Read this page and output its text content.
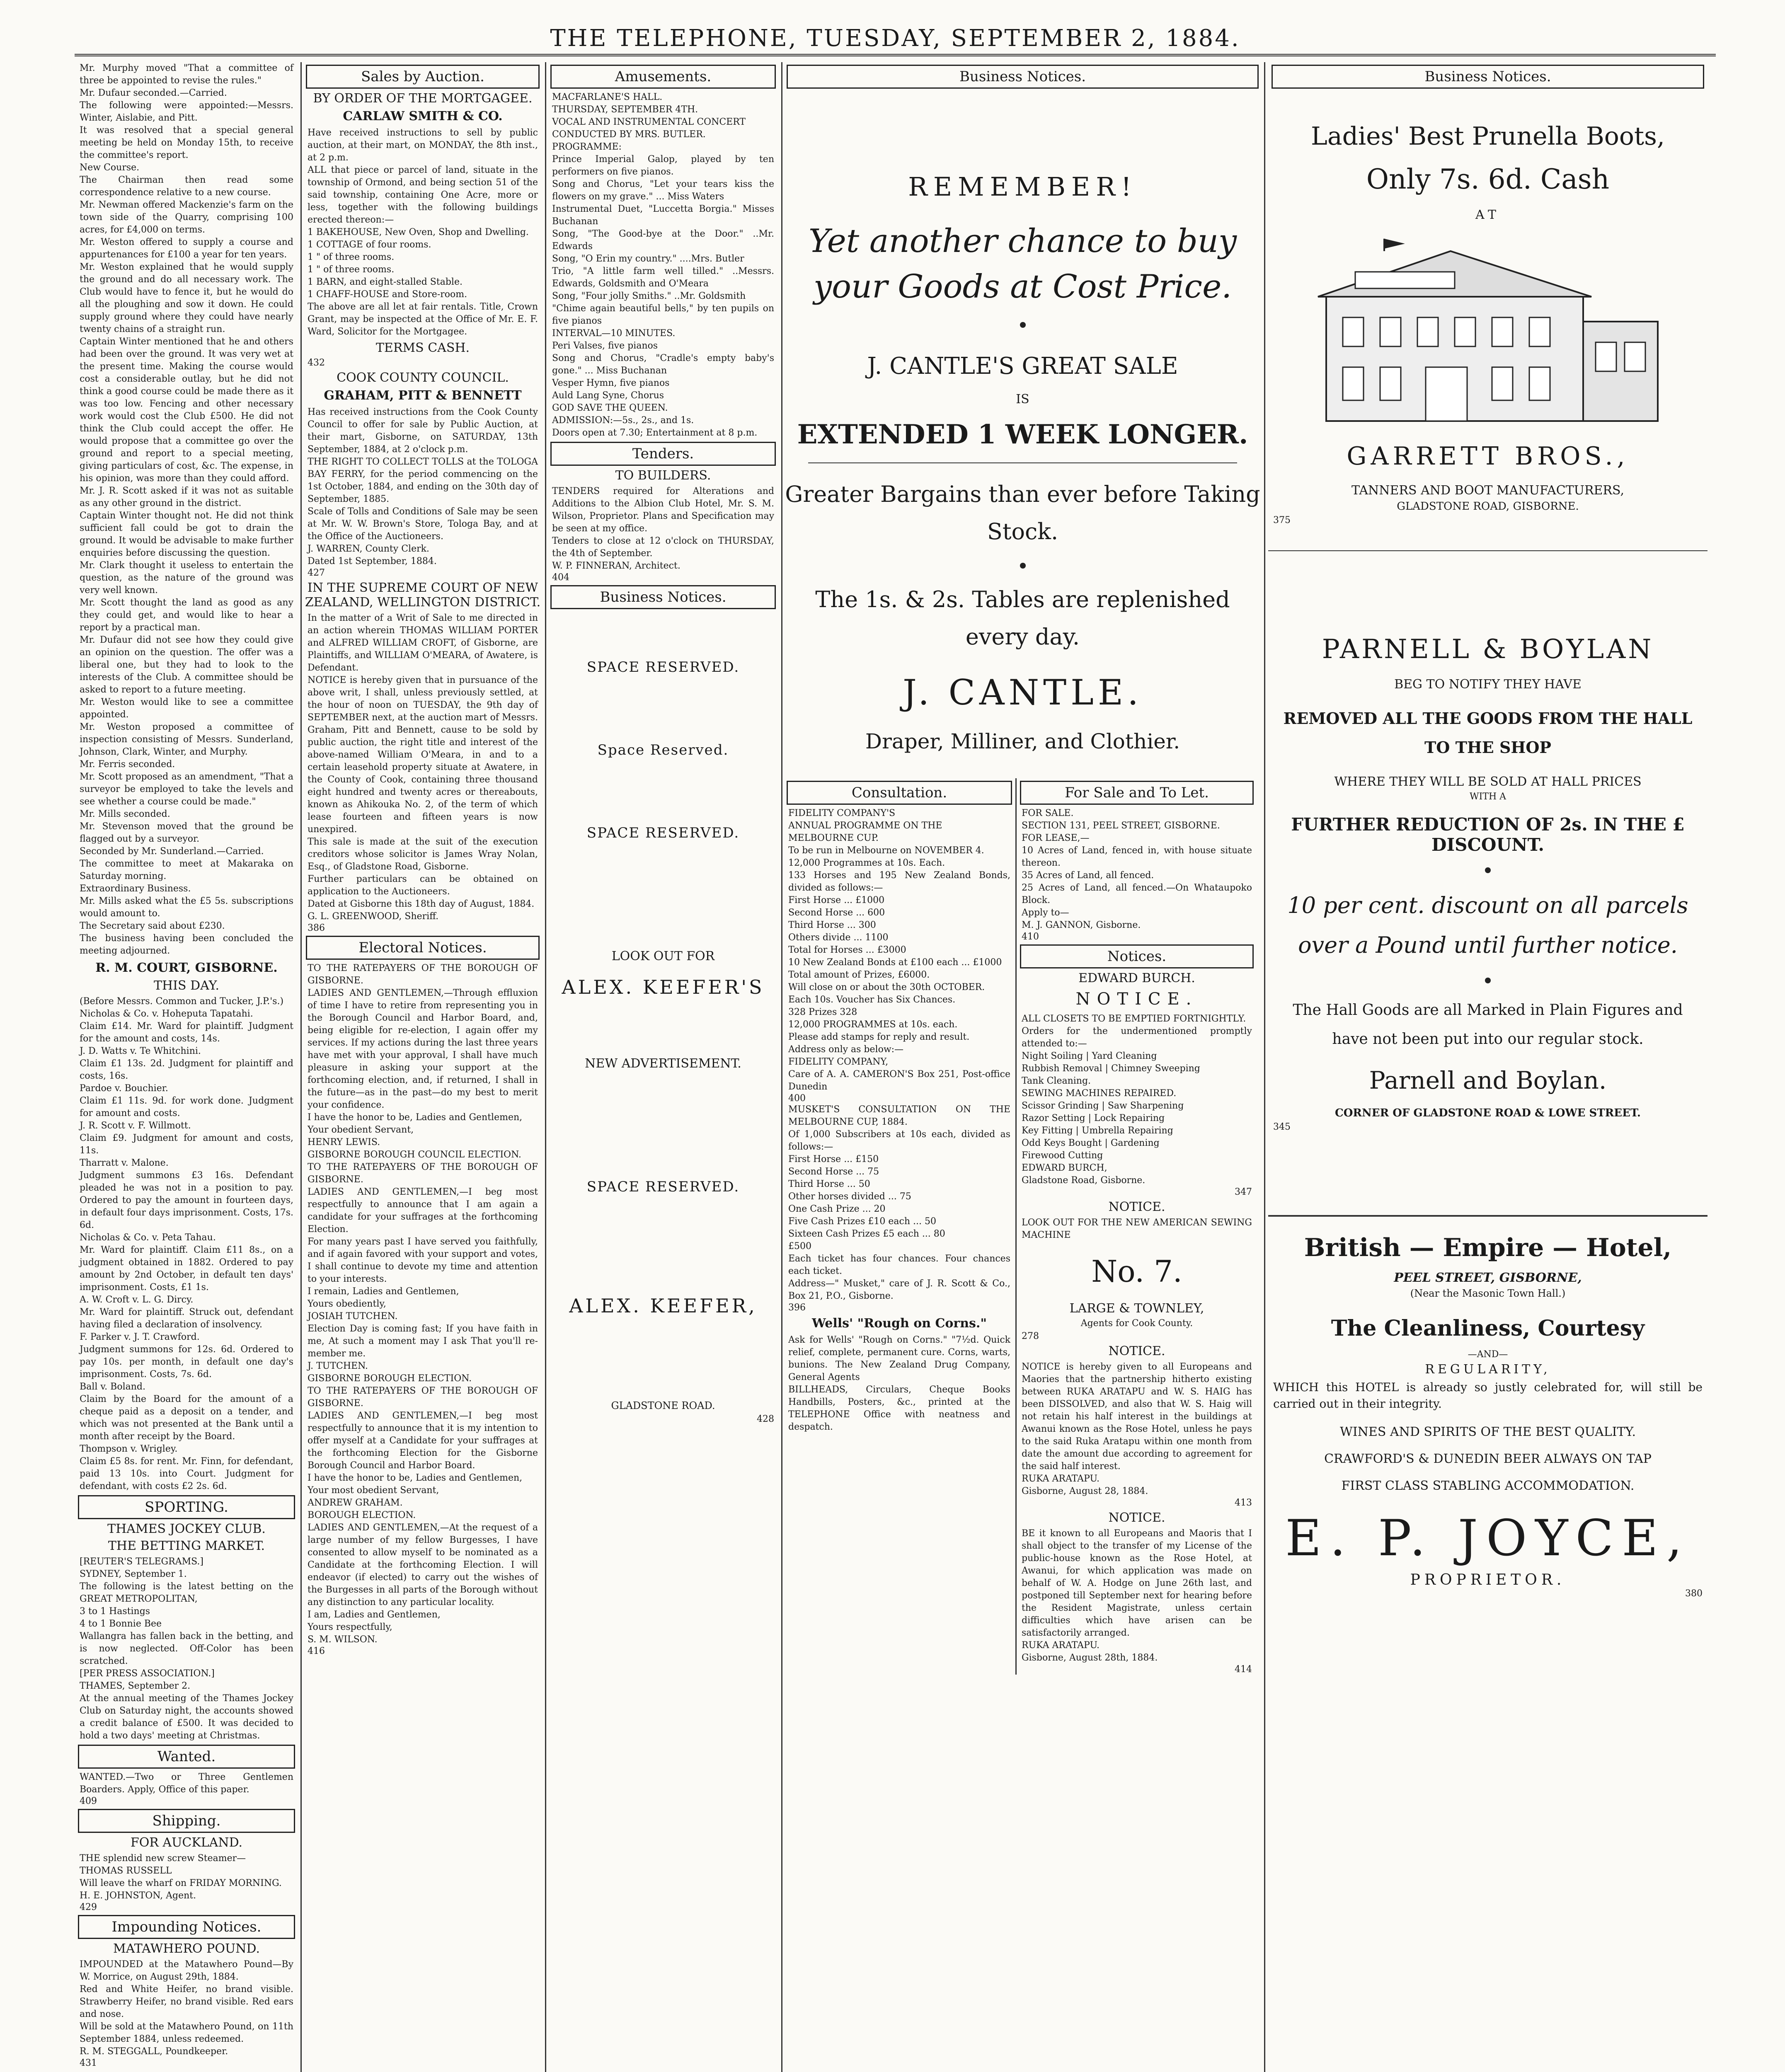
THE TELEPHONE, TUESDAY, SEPTEMBER 2, 1884.
Mr. Murphy moved "That a committee of three be appointed to revise the rules."
Mr. Dufaur seconded.—Carried.
The following were appointed:—Messrs. Winter, Aislabie, and Pitt.
It was resolved that a special general meeting be held on Monday 15th, to receive the committee's report.
New Course.
The Chairman then read some correspondence relative to a new course.
Mr. Newman offered Mackenzie's farm on the town side of the Quarry, comprising 100 acres, for £4,000 on terms.
Mr. Weston offered to supply a course and appurtenances for £100 a year for ten years.
Mr. Weston explained that he would supply the ground and do all necessary work. The Club would have to fence it, but he would do all the ploughing and sow it down. He could supply ground where they could have nearly twenty chains of a straight run.
Captain Winter mentioned that he and others had been over the ground. It was very wet at the present time. Making the course would cost a considerable outlay, but he did not think a good course could be made there as it was too low. Fencing and other necessary work would cost the Club £500. He did not think the Club could accept the offer. He would propose that a committee go over the ground and report to a special meeting, giving particulars of cost, &c. The expense, in his opinion, was more than they could afford.
Mr. J. R. Scott asked if it was not as suitable as any other ground in the district.
Captain Winter thought not. He did not think sufficient fall could be got to drain the ground. It would be advisable to make further enquiries before discussing the question.
Mr. Clark thought it useless to entertain the question, as the nature of the ground was very well known.
Mr. Scott thought the land as good as any they could get, and would like to hear a report by a practical man.
Mr. Dufaur did not see how they could give an opinion on the question. The offer was a liberal one, but they had to look to the interests of the Club. A committee should be asked to report to a future meeting.
Mr. Weston would like to see a committee appointed.
Mr. Weston proposed a committee of inspection consisting of Messrs. Sunderland, Johnson, Clark, Winter, and Murphy.
Mr. Ferris seconded.
Mr. Scott proposed as an amendment, "That a surveyor be employed to take the levels and see whether a course could be made."
Mr. Mills seconded.
Mr. Stevenson moved that the ground be flagged out by a surveyor.
Seconded by Mr. Sunderland.—Carried.
The committee to meet at Makaraka on Saturday morning.
Extraordinary Business.
Mr. Mills asked what the £5 5s. subscriptions would amount to.
The Secretary said about £230.
The business having been concluded the meeting adjourned.
R. M. COURT, GISBORNE.
THIS DAY.
(Before Messrs. Common and Tucker, J.P.'s.)
Nicholas & Co. v. Hoheputa Tapatahi.
Claim £14. Mr. Ward for plaintiff. Judgment for the amount and costs, 14s.
J. D. Watts v. Te Whitchini.
Claim £1 13s. 2d. Judgment for plaintiff and costs, 16s.
Pardoe v. Bouchier.
Claim £1 11s. 9d. for work done. Judgment for amount and costs.
J. R. Scott v. F. Willmott.
Claim £9. Judgment for amount and costs, 11s.
Tharratt v. Malone.
Judgment summons £3 16s. Defendant pleaded he was not in a position to pay. Ordered to pay the amount in fourteen days, in default four days imprisonment. Costs, 17s. 6d.
Nicholas & Co. v. Peta Tahau.
Mr. Ward for plaintiff. Claim £11 8s., on a judgment obtained in 1882. Ordered to pay amount by 2nd October, in default ten days' imprisonment. Costs, £1 1s.
A. W. Croft v. L. G. Dircy.
Mr. Ward for plaintiff. Struck out, defendant having filed a declaration of insolvency.
F. Parker v. J. T. Crawford.
Judgment summons for 12s. 6d. Ordered to pay 10s. per month, in default one day's imprisonment. Costs, 7s. 6d.
Ball v. Boland.
Claim by the Board for the amount of a cheque paid as a deposit on a tender, and which was not presented at the Bank until a month after receipt by the Board.
Thompson v. Wrigley.
Claim £5 8s. for rent. Mr. Finn, for defendant, paid 13 10s. into Court. Judgment for defendant, with costs £2 2s. 6d.
SPORTING.
THAMES JOCKEY CLUB.
THE BETTING MARKET.
[REUTER'S TELEGRAMS.]
SYDNEY, September 1.
The following is the latest betting on the GREAT METROPOLITAN,
3 to 1 Hastings
4 to 1 Bonnie Bee
Wallangra has fallen back in the betting, and is now neglected. Off-Color has been scratched.
[PER PRESS ASSOCIATION.]
THAMES, September 2.
At the annual meeting of the Thames Jockey Club on Saturday night, the accounts showed a credit balance of £500. It was decided to hold a two days' meeting at Christmas.
Wanted.
WANTED.—Two or Three Gentlemen Boarders. Apply, Office of this paper.
409
Shipping.
FOR AUCKLAND.
THE splendid new screw Steamer—
THOMAS RUSSELL
Will leave the wharf on FRIDAY MORNING.
H. E. JOHNSTON, Agent.
429
Impounding Notices.
MATAWHERO POUND.
IMPOUNDED at the Matawhero Pound—By W. Morrice, on August 29th, 1884.
Red and White Heifer, no brand visible. Strawberry Heifer, no brand visible. Red ears and nose.
Will be sold at the Matawhero Pound, on 11th September 1884, unless redeemed.
R. M. STEGGALL, Poundkeeper.
431
Sales by Auction.
BY ORDER OF THE MORTGAGEE.
CARLAW SMITH & CO.
Have received instructions to sell by public auction, at their mart, on MONDAY, the 8th inst., at 2 p.m.
ALL that piece or parcel of land, situate in the township of Ormond, and being section 51 of the said township, containing One Acre, more or less, together with the following buildings erected thereon:—
1 BAKEHOUSE, New Oven, Shop and Dwelling.
1 COTTAGE of four rooms.
1 " of three rooms.
1 " of three rooms.
1 BARN, and eight-stalled Stable.
1 CHAFF-HOUSE and Store-room.
The above are all let at fair rentals. Title, Crown Grant, may be inspected at the Office of Mr. E. F. Ward, Solicitor for the Mortgagee.
TERMS CASH.
432
COOK COUNTY COUNCIL.
GRAHAM, PITT & BENNETT
Has received instructions from the Cook County Council to offer for sale by Public Auction, at their mart, Gisborne, on SATURDAY, 13th September, 1884, at 2 o'clock p.m.
THE RIGHT TO COLLECT TOLLS at the TOLOGA BAY FERRY, for the period commencing on the 1st October, 1884, and ending on the 30th day of September, 1885.
Scale of Tolls and Conditions of Sale may be seen at Mr. W. W. Brown's Store, Tologa Bay, and at the Office of the Auctioneers.
J. WARREN, County Clerk.
Dated 1st September, 1884.
427
IN THE SUPREME COURT OF NEW ZEALAND, WELLINGTON DISTRICT.
In the matter of a Writ of Sale to me directed in an action wherein THOMAS WILLIAM PORTER and ALFRED WILLIAM CROFT, of Gisborne, are Plaintiffs, and WILLIAM O'MEARA, of Awatere, is Defendant.
NOTICE is hereby given that in pursuance of the above writ, I shall, unless previously settled, at the hour of noon on TUESDAY, the 9th day of SEPTEMBER next, at the auction mart of Messrs. Graham, Pitt and Bennett, cause to be sold by public auction, the right title and interest of the above-named William O'Meara, in and to a certain leasehold property situate at Awatere, in the County of Cook, containing three thousand eight hundred and twenty acres or thereabouts, known as Ahikouka No. 2, of the term of which lease fourteen and fifteen years is now unexpired.
This sale is made at the suit of the execution creditors whose solicitor is James Wray Nolan, Esq., of Gladstone Road, Gisborne.
Further particulars can be obtained on application to the Auctioneers.
Dated at Gisborne this 18th day of August, 1884.
G. L. GREENWOOD, Sheriff.
386
Electoral Notices.
TO THE RATEPAYERS OF THE BOROUGH OF GISBORNE.
LADIES AND GENTLEMEN,—Through effluxion of time I have to retire from representing you in the Borough Council and Harbor Board, and, being eligible for re-election, I again offer my services. If my actions during the last three years have met with your approval, I shall have much pleasure in asking your support at the forthcoming election, and, if returned, I shall in the future—as in the past—do my best to merit your confidence.
I have the honor to be, Ladies and Gentlemen,
Your obedient Servant,
HENRY LEWIS.
GISBORNE BOROUGH COUNCIL ELECTION.
TO THE RATEPAYERS OF THE BOROUGH OF GISBORNE.
LADIES AND GENTLEMEN,—I beg most respectfully to announce that I am again a candidate for your suffrages at the forthcoming Election.
For many years past I have served you faithfully, and if again favored with your support and votes, I shall continue to devote my time and attention to your interests.
I remain, Ladies and Gentlemen,
Yours obediently,
JOSIAH TUTCHEN.
Election Day is coming fast; If you have faith in me, At such a moment may I ask That you'll re-member me.
J. TUTCHEN.
GISBORNE BOROUGH ELECTION.
TO THE RATEPAYERS OF THE BOROUGH OF GISBORNE.
LADIES AND GENTLEMEN,—I beg most respectfully to announce that it is my intention to offer myself at a Candidate for your suffrages at the forthcoming Election for the Gisborne Borough Council and Harbor Board.
I have the honor to be, Ladies and Gentlemen,
Your most obedient Servant,
ANDREW GRAHAM.
BOROUGH ELECTION.
LADIES AND GENTLEMEN,—At the request of a large number of my fellow Burgesses, I have consented to allow myself to be nominated as a Candidate at the forthcoming Election. I will endeavor (if elected) to carry out the wishes of the Burgesses in all parts of the Borough without any distinction to any particular locality.
I am, Ladies and Gentlemen,
Yours respectfully,
S. M. WILSON.
416
Amusements.
MACFARLANE'S HALL.
THURSDAY, SEPTEMBER 4TH.
VOCAL AND INSTRUMENTAL CONCERT
CONDUCTED BY MRS. BUTLER.
PROGRAMME:
Prince Imperial Galop, played by ten performers on five pianos.
Song and Chorus, "Let your tears kiss the flowers on my grave." ... Miss Waters
Instrumental Duet, "Luccetta Borgia." Misses Buchanan
Song, "The Good-bye at the Door." ..Mr. Edwards
Song, "O Erin my country." ....Mrs. Butler
Trio, "A little farm well tilled." ..Messrs. Edwards, Goldsmith and O'Meara
Song, "Four jolly Smiths." ..Mr. Goldsmith
"Chime again beautiful bells," by ten pupils on five pianos
INTERVAL—10 MINUTES.
Peri Valses, five pianos
Song and Chorus, "Cradle's empty baby's gone." ... Miss Buchanan
Vesper Hymn, five pianos
Auld Lang Syne, Chorus
GOD SAVE THE QUEEN.
ADMISSION:—5s., 2s., and 1s.
Doors open at 7.30; Entertainment at 8 p.m.
Tenders.
TO BUILDERS.
TENDERS required for Alterations and Additions to the Albion Club Hotel, Mr. S. M. Wilson, Proprietor. Plans and Specification may be seen at my office.
Tenders to close at 12 o'clock on THURSDAY, the 4th of September.
W. P. FINNERAN, Architect.
404
Business Notices.
SPACE RESERVED.
Space Reserved.
SPACE RESERVED.
LOOK OUT FOR
ALEX. KEEFER'S
NEW ADVERTISEMENT.
SPACE RESERVED.
ALEX. KEEFER,
GLADSTONE ROAD.
428
Business Notices.
REMEMBER!
Yet another chance to buy your Goods at Cost Price.
J. CANTLE'S GREAT SALE
IS
EXTENDED 1 WEEK LONGER.
Greater Bargains than ever before Taking Stock.
The 1s. & 2s. Tables are replenished every day.
J. CANTLE.
Draper, Milliner, and Clothier.
Consultation.
FIDELITY COMPANY'S
ANNUAL PROGRAMME ON THE
MELBOURNE CUP.
To be run in Melbourne on NOVEMBER 4.
12,000 Programmes at 10s. Each.
133 Horses and 195 New Zealand Bonds, divided as follows:—
First Horse ... £1000
Second Horse ... 600
Third Horse ... 300
Others divide ... 1100
Total for Horses ... £3000
10 New Zealand Bonds at £100 each ... £1000
Total amount of Prizes, £6000.
Will close on or about the 30th OCTOBER.
Each 10s. Voucher has Six Chances.
328 Prizes 328
12,000 PROGRAMMES at 10s. each.
Please add stamps for reply and result.
Address only as below:—
FIDELITY COMPANY,
Care of A. A. CAMERON'S Box 251, Post-office Dunedin
400
MUSKET'S CONSULTATION ON THE MELBOURNE CUP, 1884.
Of 1,000 Subscribers at 10s each, divided as follows:—
First Horse ... £150
Second Horse ... 75
Third Horse ... 50
Other horses divided ... 75
One Cash Prize ... 20
Five Cash Prizes £10 each ... 50
Sixteen Cash Prizes £5 each ... 80
£500
Each ticket has four chances. Four chances each ticket.
Address—" Musket," care of J. R. Scott & Co., Box 21, P.O., Gisborne.
396
Wells' "Rough on Corns."
Ask for Wells' "Rough on Corns." "7½d. Quick relief, complete, permanent cure. Corns, warts, bunions. The New Zealand Drug Company, General Agents
BILLHEADS, Circulars, Cheque Books Handbills, Posters, &c., printed at the TELEPHONE Office with neatness and despatch.
For Sale and To Let.
FOR SALE.
SECTION 131, PEEL STREET, GISBORNE.
FOR LEASE,—
10 Acres of Land, fenced in, with house situate thereon.
35 Acres of Land, all fenced.
25 Acres of Land, all fenced.—On Whataupoko Block.
Apply to—
M. J. GANNON, Gisborne.
410
Notices.
EDWARD BURCH.
NOTICE.
ALL CLOSETS TO BE EMPTIED FORTNIGHTLY.
Orders for the undermentioned promptly attended to:—
Night Soiling | Yard Cleaning
Rubbish Removal | Chimney Sweeping
Tank Cleaning.
SEWING MACHINES REPAIRED.
Scissor Grinding | Saw Sharpening
Razor Setting | Lock Repairing
Key Fitting | Umbrella Repairing
Odd Keys Bought | Gardening
Firewood Cutting
EDWARD BURCH,
Gladstone Road, Gisborne.
347
NOTICE.
LOOK OUT FOR THE NEW AMERICAN SEWING MACHINE
No. 7.
LARGE & TOWNLEY,
Agents for Cook County.
278
NOTICE.
NOTICE is hereby given to all Europeans and Maories that the partnership hitherto existing between RUKA ARATAPU and W. S. HAIG has been DISSOLVED, and also that W. S. Haig will not retain his half interest in the buildings at Awanui known as the Rose Hotel, unless he pays to the said Ruka Aratapu within one month from date the amount due according to agreement for the said half interest.
RUKA ARATAPU.
Gisborne, August 28, 1884.
413
NOTICE.
BE it known to all Europeans and Maoris that I shall object to the transfer of my License of the public-house known as the Rose Hotel, at Awanui, for which application was made on behalf of W. A. Hodge on June 26th last, and postponed till September next for hearing before the Resident Magistrate, unless certain difficulties which have arisen can be satisfactorily arranged.
RUKA ARATAPU.
Gisborne, August 28th, 1884.
414
Business Notices.
Ladies' Best Prunella Boots,
Only 7s. 6d. Cash
AT
GARRETT BROS.,
TANNERS AND BOOT MANUFACTURERS,
GLADSTONE ROAD, GISBORNE.
375
PARNELL & BOYLAN
BEG TO NOTIFY THEY HAVE
REMOVED ALL THE GOODS FROM THE HALL TO THE SHOP
WHERE THEY WILL BE SOLD AT HALL PRICES
WITH A
FURTHER REDUCTION OF 2s. IN THE £ DISCOUNT.
10 per cent. discount on all parcels over a Pound until further notice.
The Hall Goods are all Marked in Plain Figures and have not been put into our regular stock.
Parnell and Boylan.
CORNER OF GLADSTONE ROAD & LOWE STREET.
345
British — Empire — Hotel,
PEEL STREET, GISBORNE,
(Near the Masonic Town Hall.)
The Cleanliness, Courtesy
—AND—
REGULARITY,
WHICH this HOTEL is already so justly celebrated for, will still be carried out in their integrity.
WINES AND SPIRITS OF THE BEST QUALITY.
CRAWFORD'S & DUNEDIN BEER ALWAYS ON TAP
FIRST CLASS STABLING ACCOMMODATION.
E. P. JOYCE,
PROPRIETOR.
380
